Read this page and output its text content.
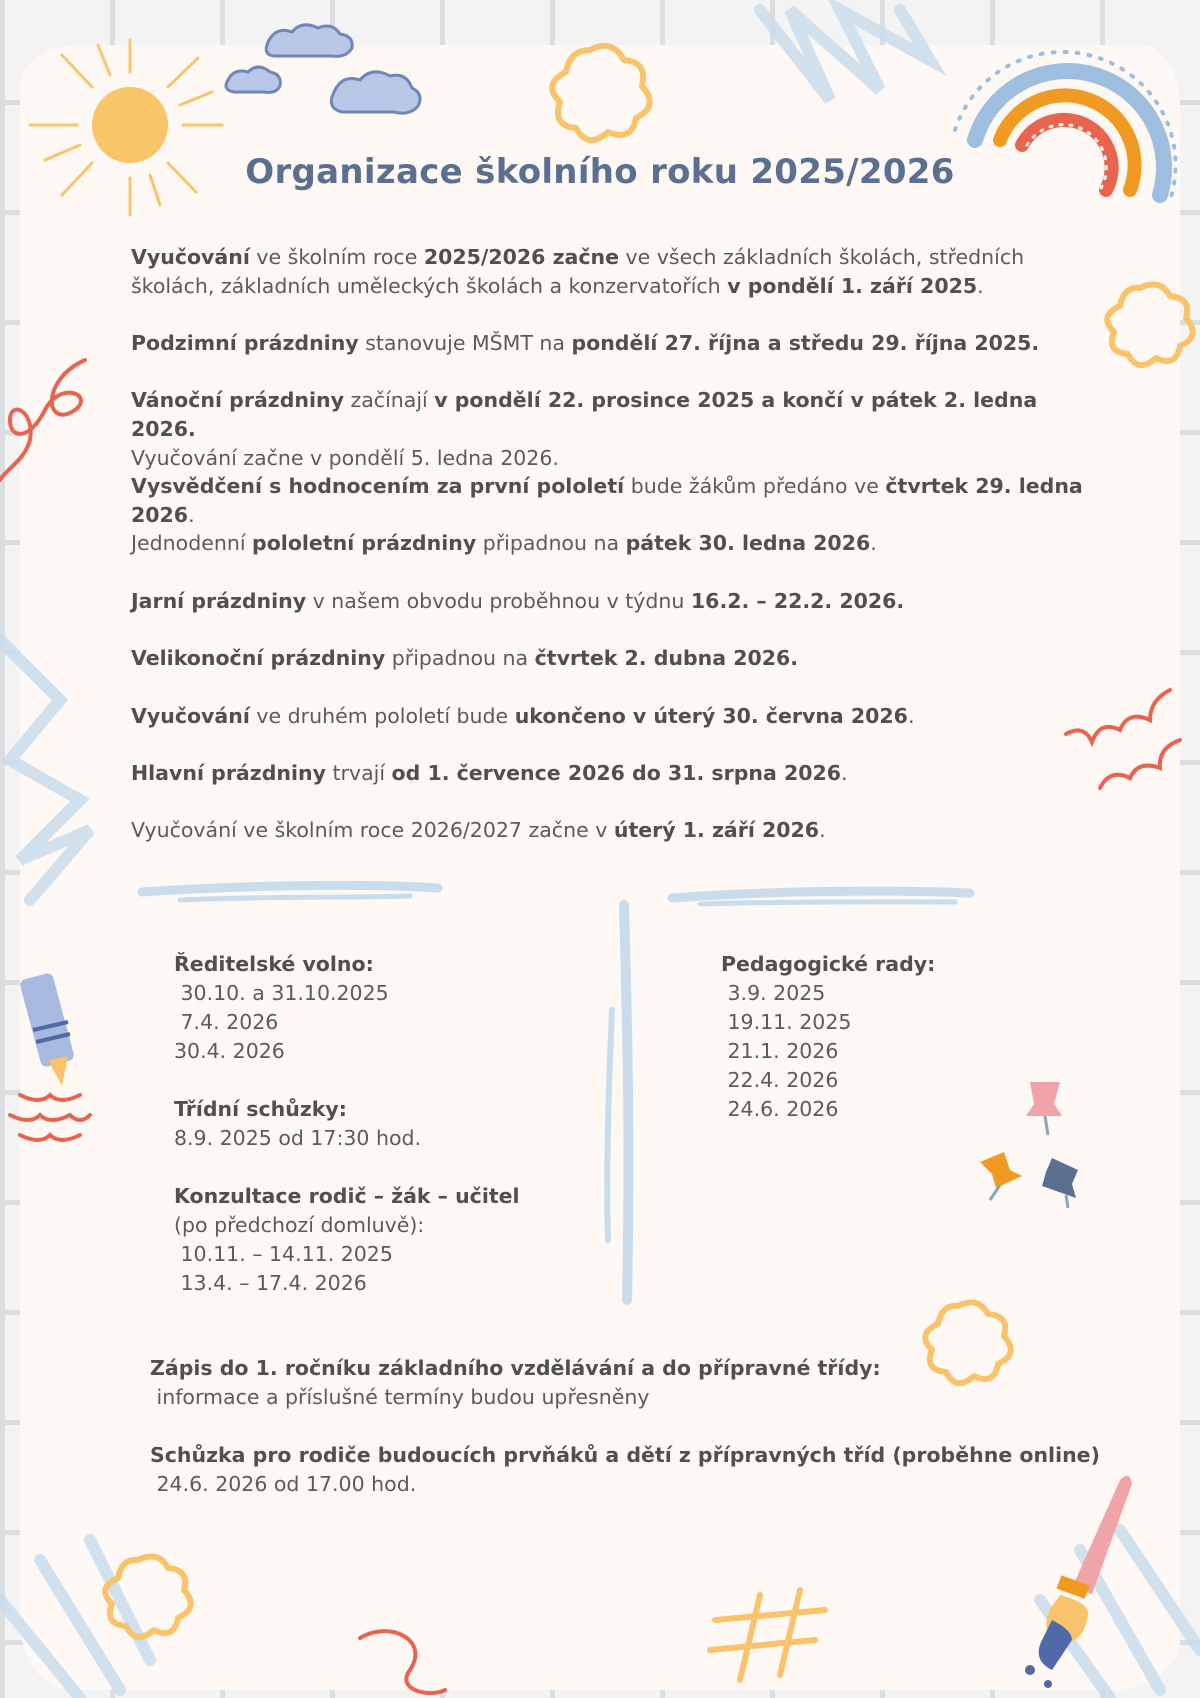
Organizace školního roku 2025/2026

Vyučování ve školním roce 2025/2026 začne ve všech základních školách, středních školách, základních uměleckých školách a konzervatořích v pondělí 1. září 2025.

Podzimní prázdniny stanovuje MŠMT na pondělí 27. října a středu 29. října 2025.

Vánoční prázdniny začínají v pondělí 22. prosince 2025 a končí v pátek 2. ledna 2026.
Vyučování začne v pondělí 5. ledna 2026.

Vysvědčení s hodnocením za první pololetí bude žákům předáno ve čtvrtek 29. ledna 2026.

Jednodenní pololetní prázdniny připadnou na pátek 30. ledna 2026.

Jarní prázdniny v našem obvodu proběhnou v týdnu 16.2. – 22.2. 2026.

Velikonoční prázdniny připadnou na čtvrtek 2. dubna 2026.

Vyučování ve druhém pololetí bude ukončeno v úterý 30. června 2026.

Hlavní prázdniny trvají od 1. července 2026 do 31. srpna 2026.

Vyučování ve školním roce 2026/2027 začne v úterý 1. září 2026.

Ředitelské volno:
30.10. a 31.10.2025
7.4. 2026
30.4. 2026
Třídní schůzky:
8.9. 2025 od 17:30 hod.
Konzultace rodič – žák – učitel
(po předchozí domluvě):
10.11. – 14.11. 2025
13.4. – 17.4. 2026
Pedagogické rady:
3.9. 2025
19.11. 2025
21.1. 2026
22.4. 2026
24.6. 2026
Zápis do 1. ročníku základního vzdělávání a do přípravné třídy:
informace a příslušné termíny budou upřesněny
Schůzka pro rodiče budoucích prvňáků a dětí z přípravných tříd (proběhne online)
24.6. 2026 od 17.00 hod.
